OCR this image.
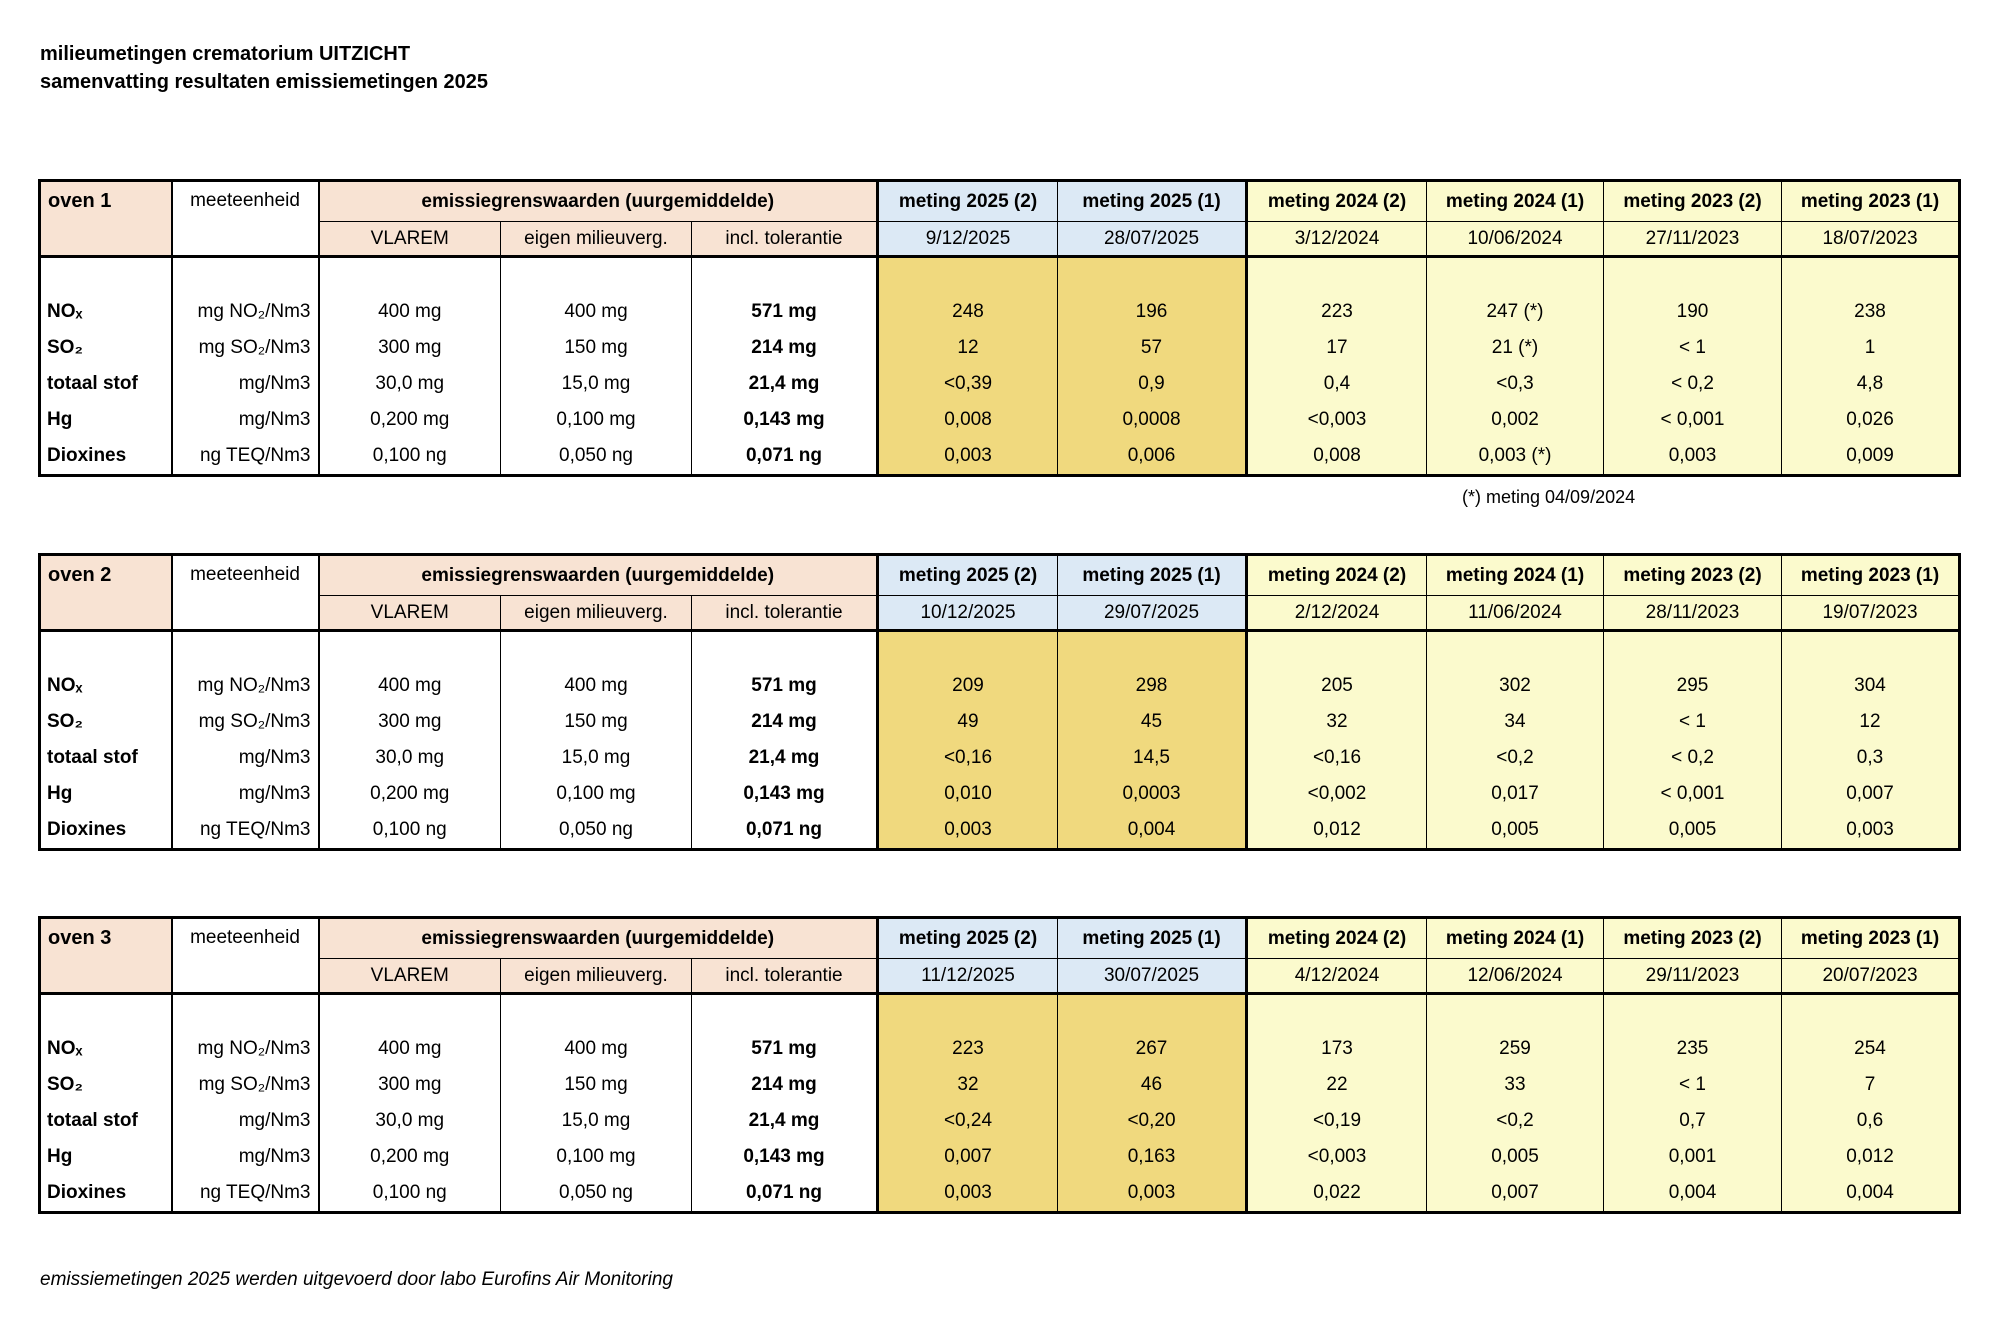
milieumetingen crematorium UITZICHT
samenvatting resultaten emissiemetingen 2025
oven 1	meeteenheid	emissiegrenswaarden (uurgemiddelde)			meting 2025 (2)	meting 2025 (1)	meting 2024 (2)	meting 2024 (1)	meting 2023 (2)	meting 2023 (1)
		VLAREM	eigen milieuverg.	incl. tolerantie	9/12/2025	28/07/2025	3/12/2024	10/06/2024	27/11/2023	18/07/2023

NOₓ	mg NO₂/Nm3	400 mg	400 mg	571 mg	248	196	223	247 (*)	190	238
SO₂	mg SO₂/Nm3	300 mg	150 mg	214 mg	12	57	17	21 (*)	< 1	1
totaal stof	mg/Nm3	30,0 mg	15,0 mg	21,4 mg	<0,39	0,9	0,4	<0,3	< 0,2	4,8
Hg	mg/Nm3	0,200 mg	0,100 mg	0,143 mg	0,008	0,0008	<0,003	0,002	< 0,001	0,026
Dioxines	ng TEQ/Nm3	0,100 ng	0,050 ng	0,071 ng	0,003	0,006	0,008	0,003 (*)	0,003	0,009
(*) meting 04/09/2024
oven 2	meeteenheid	emissiegrenswaarden (uurgemiddelde)			meting 2025 (2)	meting 2025 (1)	meting 2024 (2)	meting 2024 (1)	meting 2023 (2)	meting 2023 (1)
		VLAREM	eigen milieuverg.	incl. tolerantie	10/12/2025	29/07/2025	2/12/2024	11/06/2024	28/11/2023	19/07/2023

NOₓ	mg NO₂/Nm3	400 mg	400 mg	571 mg	209	298	205	302	295	304
SO₂	mg SO₂/Nm3	300 mg	150 mg	214 mg	49	45	32	34	< 1	12
totaal stof	mg/Nm3	30,0 mg	15,0 mg	21,4 mg	<0,16	14,5	<0,16	<0,2	< 0,2	0,3
Hg	mg/Nm3	0,200 mg	0,100 mg	0,143 mg	0,010	0,0003	<0,002	0,017	< 0,001	0,007
Dioxines	ng TEQ/Nm3	0,100 ng	0,050 ng	0,071 ng	0,003	0,004	0,012	0,005	0,005	0,003
oven 3	meeteenheid	emissiegrenswaarden (uurgemiddelde)			meting 2025 (2)	meting 2025 (1)	meting 2024 (2)	meting 2024 (1)	meting 2023 (2)	meting 2023 (1)
		VLAREM	eigen milieuverg.	incl. tolerantie	11/12/2025	30/07/2025	4/12/2024	12/06/2024	29/11/2023	20/07/2023

NOₓ	mg NO₂/Nm3	400 mg	400 mg	571 mg	223	267	173	259	235	254
SO₂	mg SO₂/Nm3	300 mg	150 mg	214 mg	32	46	22	33	< 1	7
totaal stof	mg/Nm3	30,0 mg	15,0 mg	21,4 mg	<0,24	<0,20	<0,19	<0,2	0,7	0,6
Hg	mg/Nm3	0,200 mg	0,100 mg	0,143 mg	0,007	0,163	<0,003	0,005	0,001	0,012
Dioxines	ng TEQ/Nm3	0,100 ng	0,050 ng	0,071 ng	0,003	0,003	0,022	0,007	0,004	0,004
emissiemetingen 2025 werden uitgevoerd door labo Eurofins Air Monitoring
